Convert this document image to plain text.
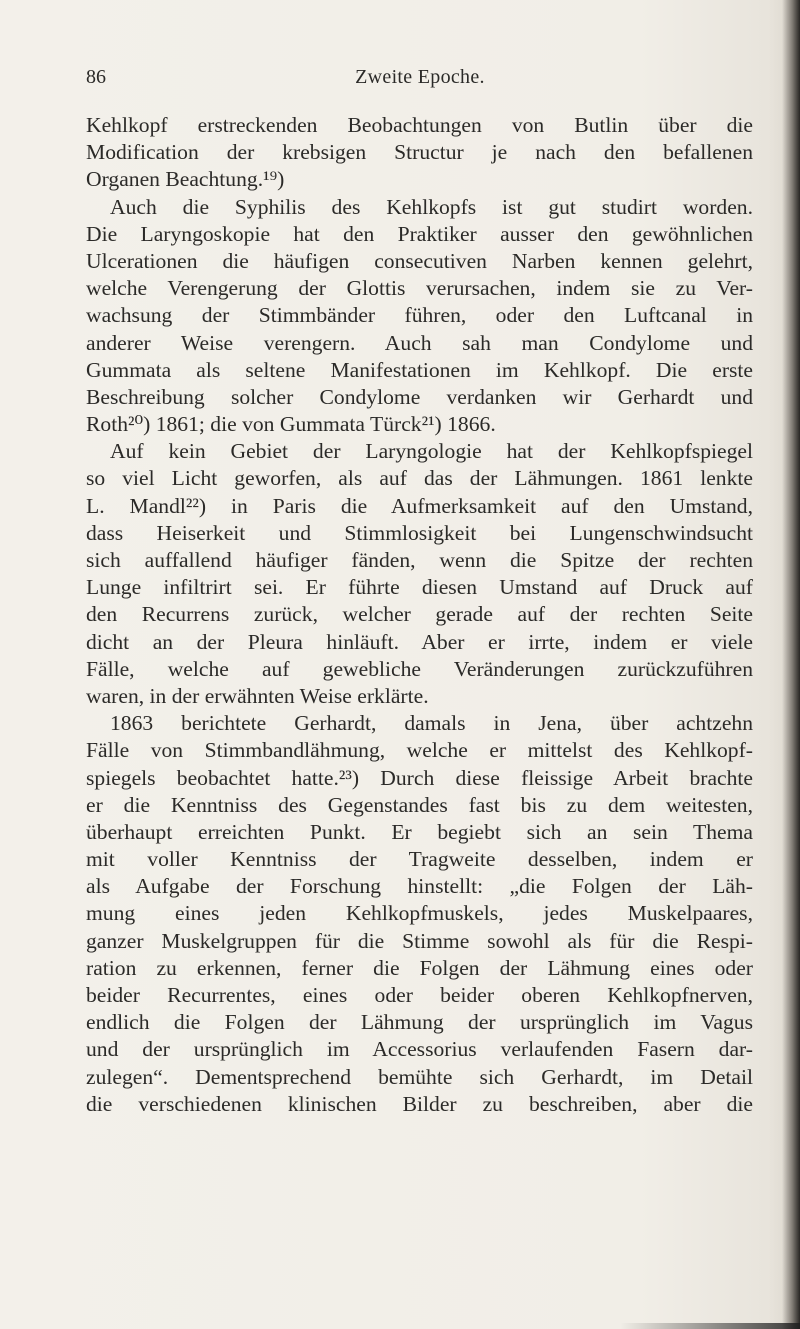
86	Zweite Epoche.
Kehlkopf erstreckenden Beobachtungen von Butlin über die
Modification der krebsigen Structur je nach den befallenen
Organen Beachtung.¹⁹)
Auch die Syphilis des Kehlkopfs ist gut studirt worden.
Die Laryngoskopie hat den Praktiker ausser den gewöhnlichen
Ulcerationen die häufigen consecutiven Narben kennen gelehrt,
welche Verengerung der Glottis verursachen, indem sie zu Ver-
wachsung der Stimmbänder führen, oder den Luftcanal in
anderer Weise verengern. Auch sah man Condylome und
Gummata als seltene Manifestationen im Kehlkopf. Die erste
Beschreibung solcher Condylome verdanken wir Gerhardt und
Roth²⁰) 1861; die von Gummata Türck²¹) 1866.
Auf kein Gebiet der Laryngologie hat der Kehlkopfspiegel
so viel Licht geworfen, als auf das der Lähmungen. 1861 lenkte
L. Mandl²²) in Paris die Aufmerksamkeit auf den Umstand,
dass Heiserkeit und Stimmlosigkeit bei Lungenschwindsucht
sich auffallend häufiger fänden, wenn die Spitze der rechten
Lunge infiltrirt sei. Er führte diesen Umstand auf Druck auf
den Recurrens zurück, welcher gerade auf der rechten Seite
dicht an der Pleura hinläuft. Aber er irrte, indem er viele
Fälle, welche auf gewebliche Veränderungen zurückzuführen
waren, in der erwähnten Weise erklärte.
1863 berichtete Gerhardt, damals in Jena, über achtzehn
Fälle von Stimmbandlähmung, welche er mittelst des Kehlkopf-
spiegels beobachtet hatte.²³) Durch diese fleissige Arbeit brachte
er die Kenntniss des Gegenstandes fast bis zu dem weitesten,
überhaupt erreichten Punkt. Er begiebt sich an sein Thema
mit voller Kenntniss der Tragweite desselben, indem er
als Aufgabe der Forschung hinstellt: „die Folgen der Läh-
mung eines jeden Kehlkopfmuskels, jedes Muskelpaares,
ganzer Muskelgruppen für die Stimme sowohl als für die Respi-
ration zu erkennen, ferner die Folgen der Lähmung eines oder
beider Recurrentes, eines oder beider oberen Kehlkopfnerven,
endlich die Folgen der Lähmung der ursprünglich im Vagus
und der ursprünglich im Accessorius verlaufenden Fasern dar-
zulegen“. Dementsprechend bemühte sich Gerhardt, im Detail
die verschiedenen klinischen Bilder zu beschreiben, aber die
